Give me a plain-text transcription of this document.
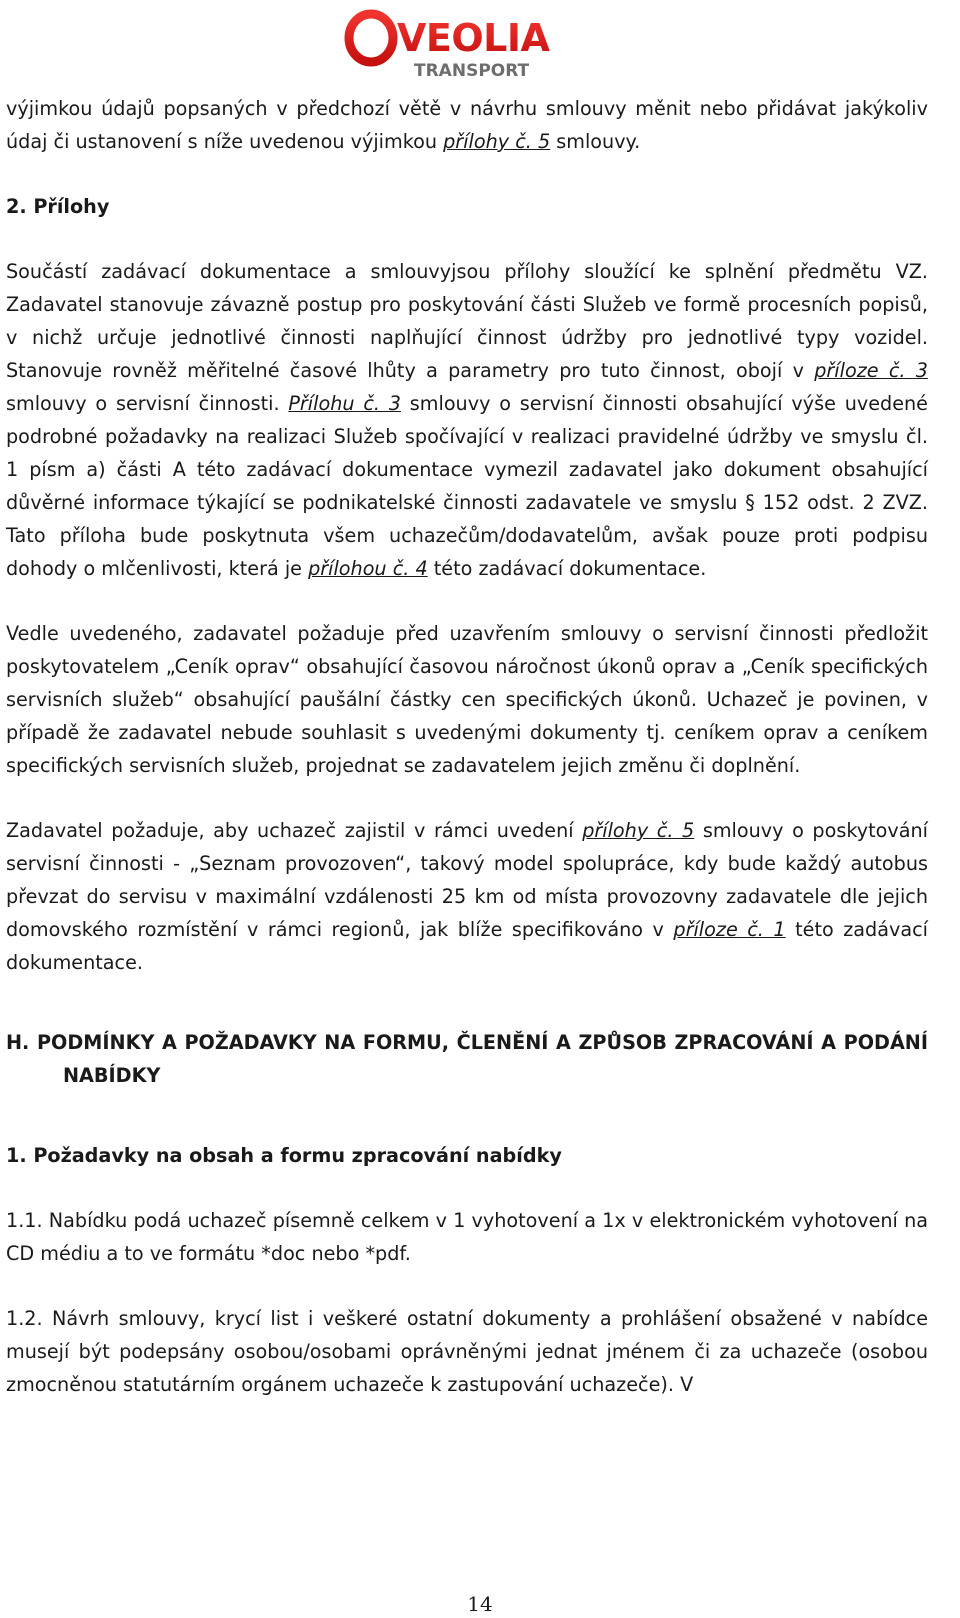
VEOLIA
TRANSPORT

výjimkou údajů popsaných v předchozí větě v návrhu smlouvy měnit nebo přidávat jakýkoliv údaj či ustanovení s níže uvedenou výjimkou přílohy č. 5 smlouvy.

2. Přílohy

Součástí zadávací dokumentace a smlouvyjsou přílohy sloužící ke splnění předmětu VZ. Zadavatel stanovuje závazně postup pro poskytování části Služeb ve formě procesních popisů, v nichž určuje jednotlivé činnosti naplňující činnost údržby pro jednotlivé typy vozidel. Stanovuje rovněž měřitelné časové lhůty a parametry pro tuto činnost, obojí v příloze č. 3 smlouvy o servisní činnosti. Přílohu č. 3 smlouvy o servisní činnosti obsahující výše uvedené podrobné požadavky na realizaci Služeb spočívající v realizaci pravidelné údržby ve smyslu čl. 1 písm a) části A této zadávací dokumentace vymezil zadavatel jako dokument obsahující důvěrné informace týkající se podnikatelské činnosti zadavatele ve smyslu § 152 odst. 2 ZVZ. Tato příloha bude poskytnuta všem uchazečům/dodavatelům, avšak pouze proti podpisu dohody o mlčenlivosti, která je přílohou č. 4 této zadávací dokumentace.

Vedle uvedeného, zadavatel požaduje před uzavřením smlouvy o servisní činnosti předložit poskytovatelem „Ceník oprav“ obsahující časovou náročnost úkonů oprav a „Ceník specifických servisních služeb“ obsahující paušální částky cen specifických úkonů. Uchazeč je povinen, v případě že zadavatel nebude souhlasit s uvedenými dokumenty tj. ceníkem oprav a ceníkem specifických servisních služeb, projednat se zadavatelem jejich změnu či doplnění.

Zadavatel požaduje, aby uchazeč zajistil v rámci uvedení přílohy č. 5 smlouvy o poskytování servisní činnosti - „Seznam provozoven“, takový model spolupráce, kdy bude každý autobus převzat do servisu v maximální vzdálenosti 25 km od místa provozovny zadavatele dle jejich domovského rozmístění v rámci regionů, jak blíže specifikováno v příloze č. 1 této zadávací dokumentace.

H. PODMÍNKY A POŽADAVKY NA FORMU, ČLENĚNÍ A ZPŮSOB ZPRACOVÁNÍ A PODÁNÍ NABÍDKY

1. Požadavky na obsah a formu zpracování nabídky

1.1. Nabídku podá uchazeč písemně celkem v 1 vyhotovení a 1x v elektronickém vyhotovení na CD médiu a to ve formátu *doc nebo *pdf.

1.2. Návrh smlouvy, krycí list i veškeré ostatní dokumenty a prohlášení obsažené v nabídce musejí být podepsány osobou/osobami oprávněnými jednat jménem či za uchazeče (osobou zmocněnou statutárním orgánem uchazeče k zastupování uchazeče). V

14
